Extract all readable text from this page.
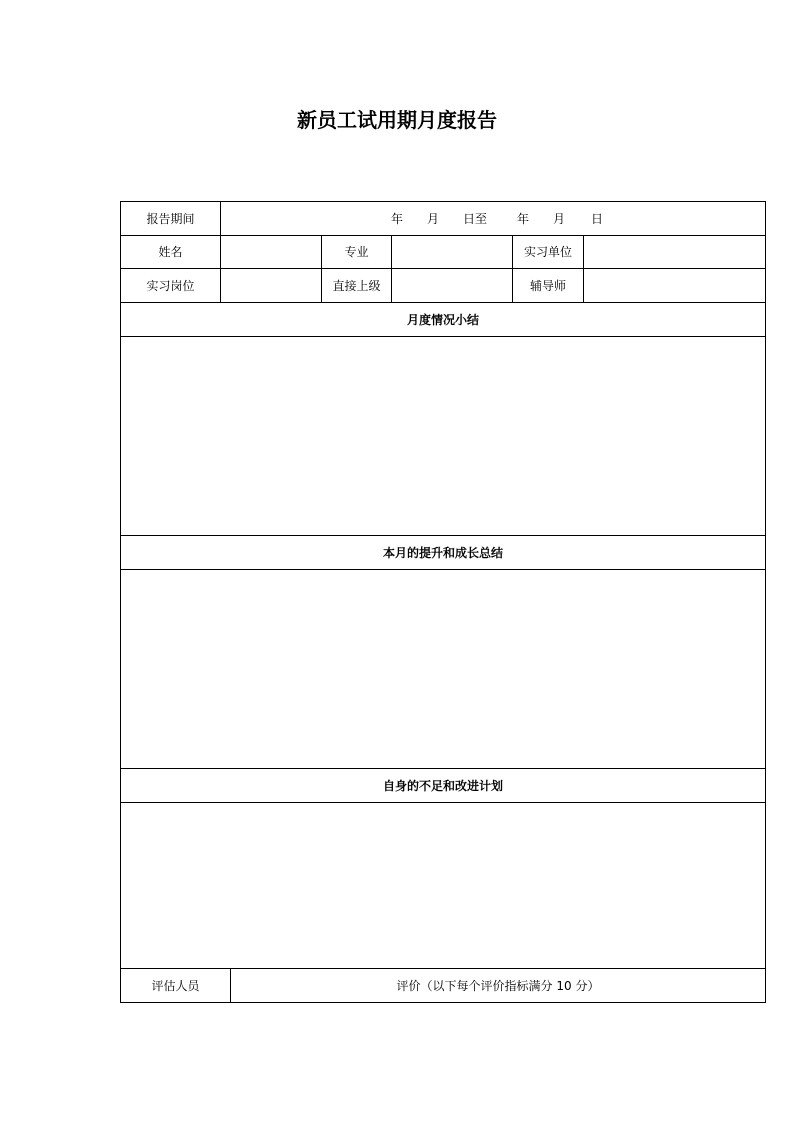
新员工试用期月度报告
报告期间	年 月 日至	年 月 日
姓名	专业	实习单位
实习岗位	直接上级	辅导师
月度情况小结
本月的提升和成长总结
自身的不足和改进计划
评估人员	评价（以下每个评价指标满分 10 分）
